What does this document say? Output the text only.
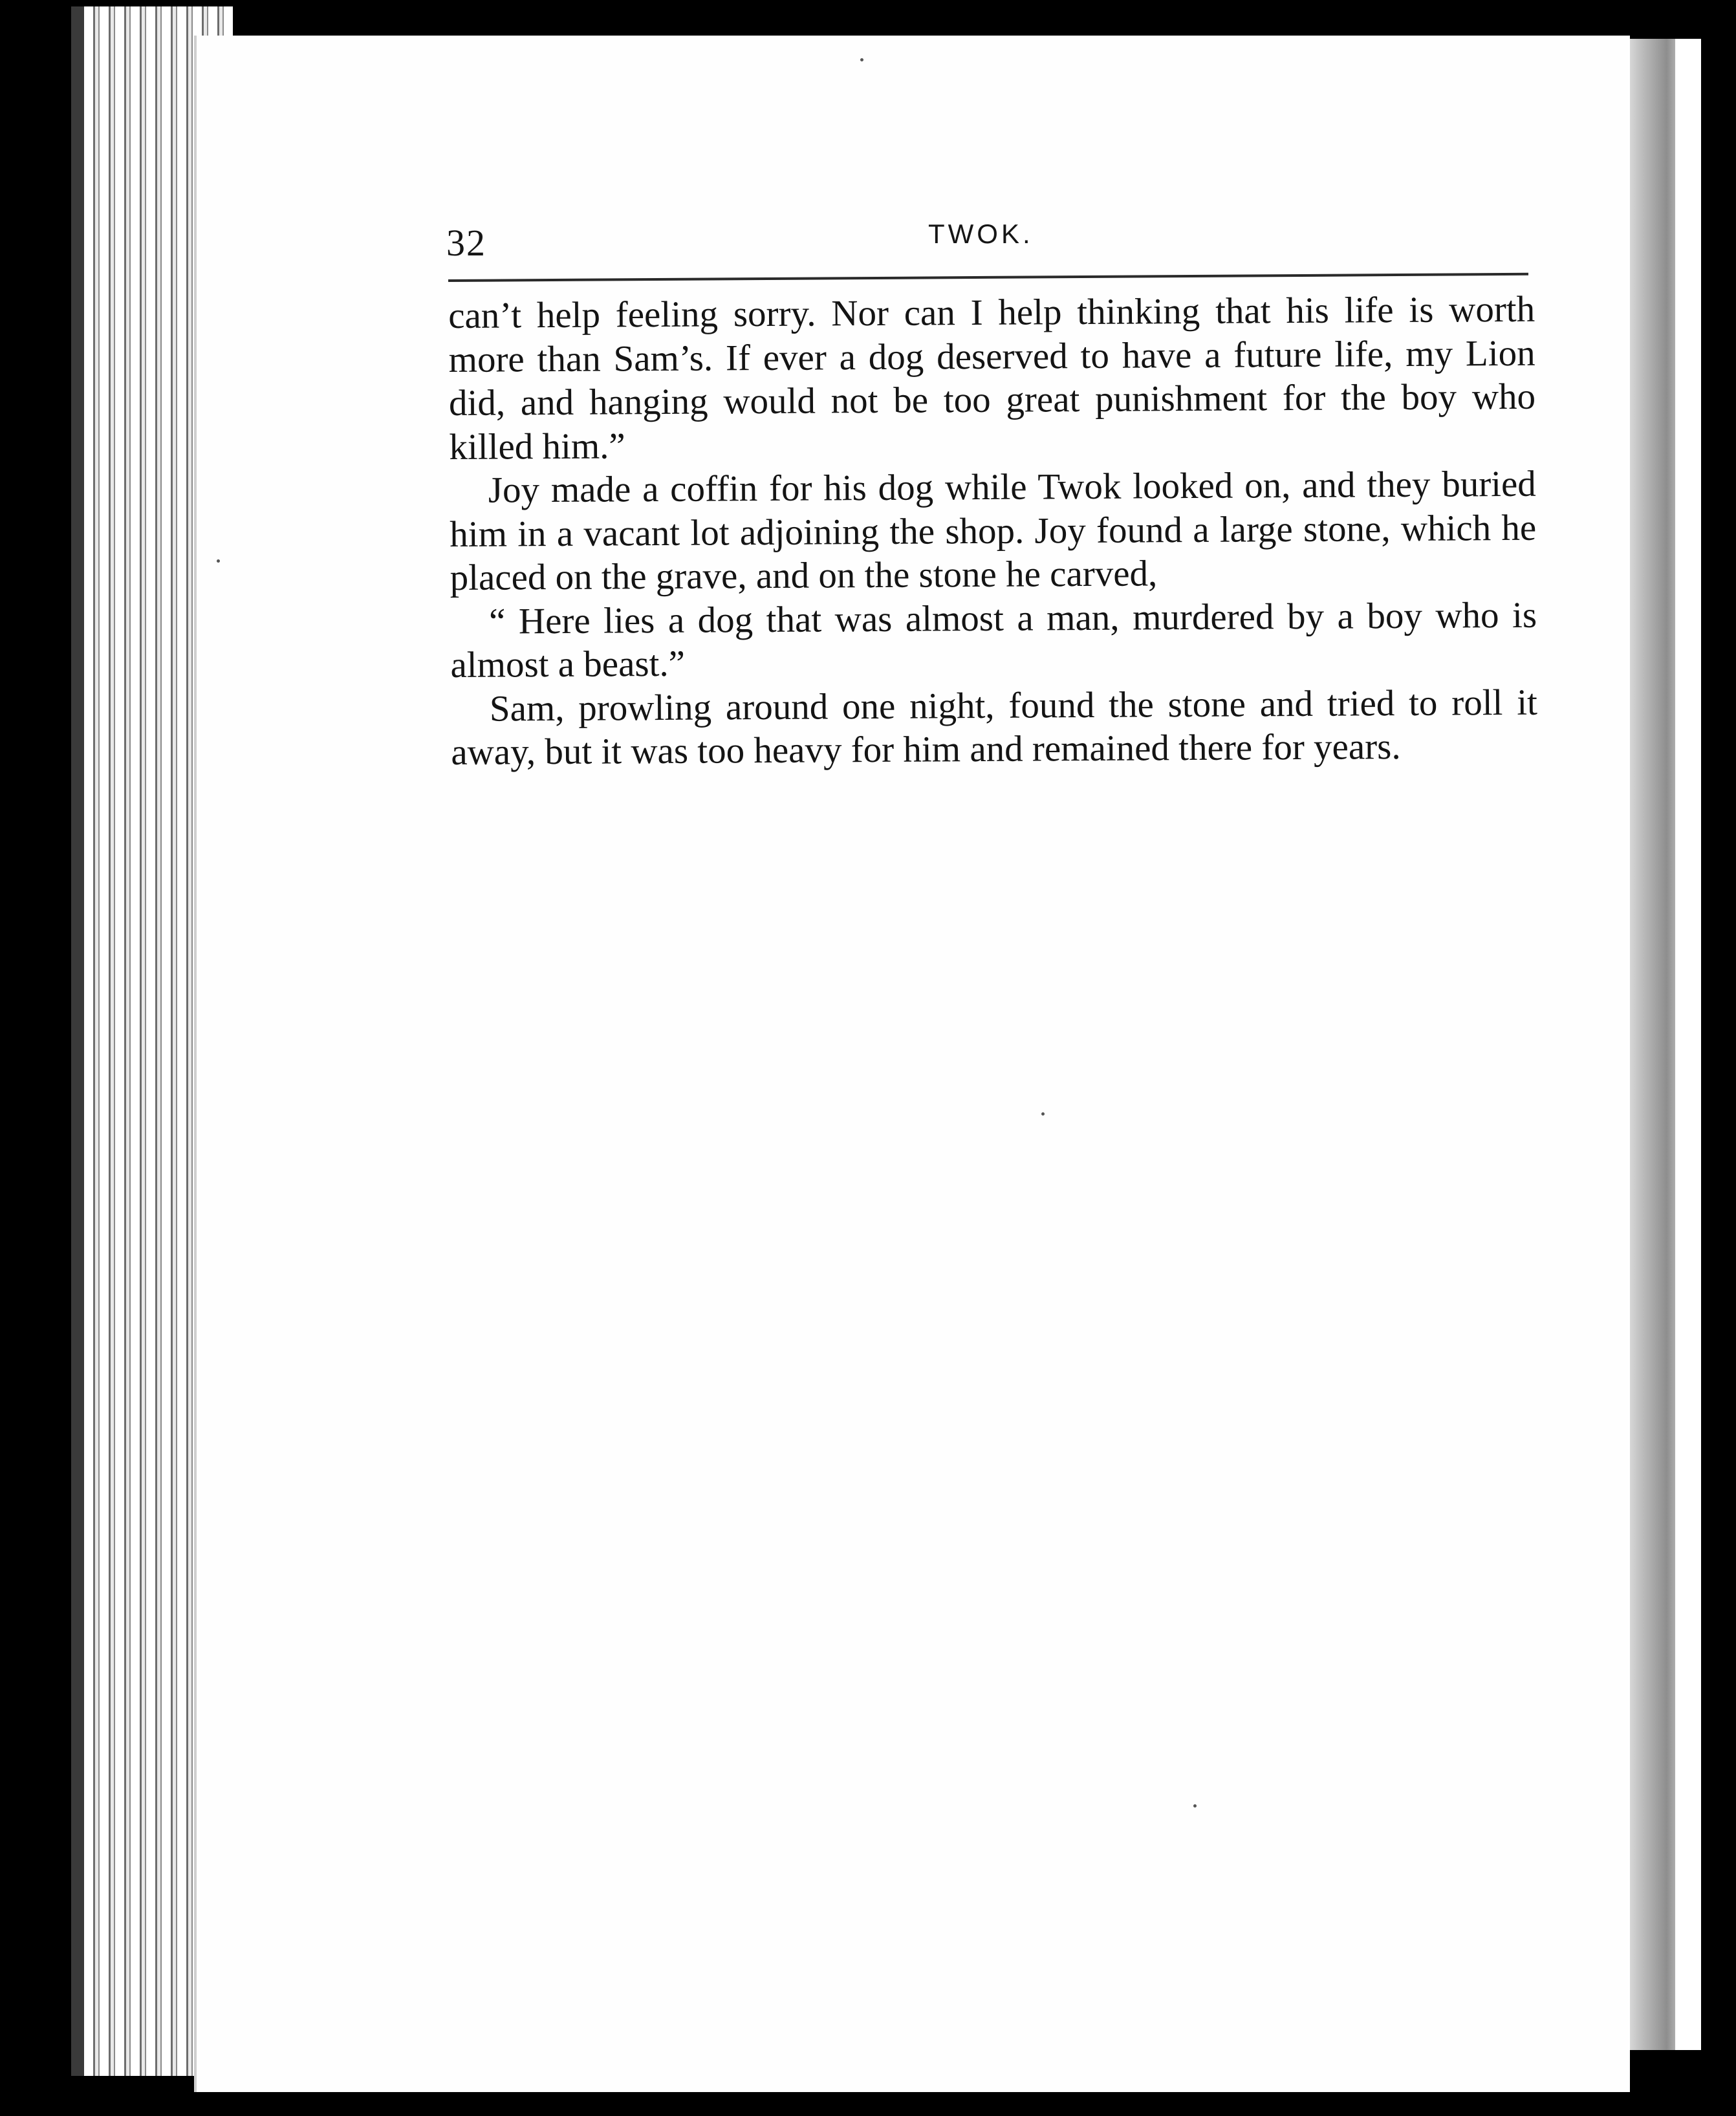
32	TWOK.

can’t help feeling sorry. Nor can I help thinking that his life is worth more than Sam’s. If ever a dog deserved to have a future life, my Lion did, and hanging would not be too great punishment for the boy who killed him.”

Joy made a coffin for his dog while Twok looked on, and they buried him in a vacant lot adjoining the shop. Joy found a large stone, which he placed on the grave, and on the stone he carved,

“ Here lies a dog that was almost a man, murdered by a boy who is almost a beast.”

Sam, prowling around one night, found the stone and tried to roll it away, but it was too heavy for him and remained there for years.
